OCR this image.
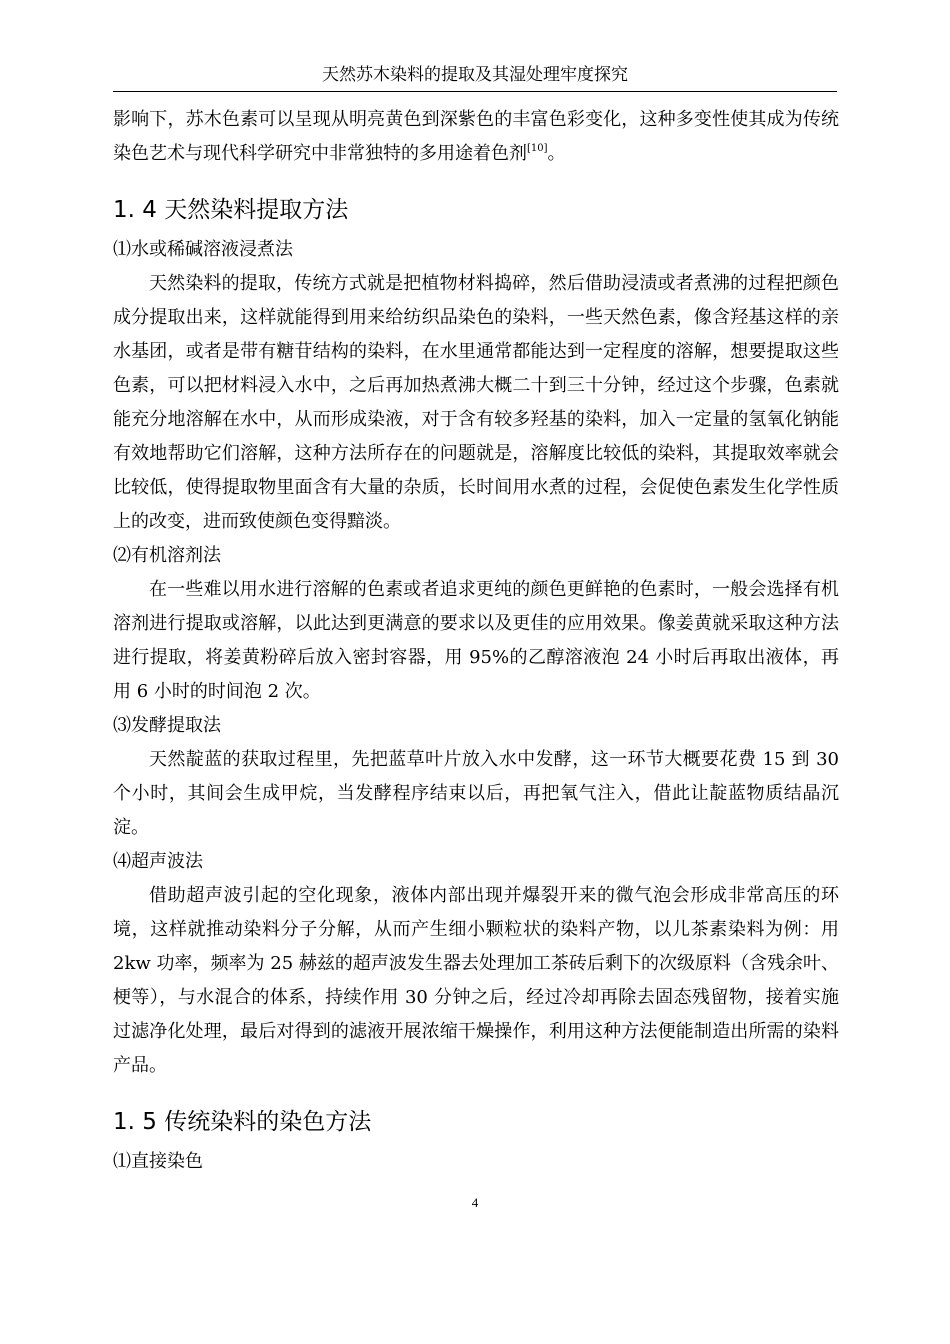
天然苏木染料的提取及其湿处理牢度探究

影响下，苏木色素可以呈现从明亮黄色到深紫色的丰富色彩变化，这种多变性使其成为传统染色艺术与现代科学研究中非常独特的多用途着色剂[10]。

1. 4 天然染料提取方法

⑴水或稀碱溶液浸煮法

天然染料的提取，传统方式就是把植物材料捣碎，然后借助浸渍或者煮沸的过程把颜色成分提取出来，这样就能得到用来给纺织品染色的染料，一些天然色素，像含羟基这样的亲水基团，或者是带有糖苷结构的染料，在水里通常都能达到一定程度的溶解，想要提取这些色素，可以把材料浸入水中，之后再加热煮沸大概二十到三十分钟，经过这个步骤，色素就能充分地溶解在水中，从而形成染液，对于含有较多羟基的染料，加入一定量的氢氧化钠能有效地帮助它们溶解，这种方法所存在的问题就是，溶解度比较低的染料，其提取效率就会比较低，使得提取物里面含有大量的杂质，长时间用水煮的过程，会促使色素发生化学性质上的改变，进而致使颜色变得黯淡。

⑵有机溶剂法

在一些难以用水进行溶解的色素或者追求更纯的颜色更鲜艳的色素时，一般会选择有机溶剂进行提取或溶解，以此达到更满意的要求以及更佳的应用效果。像姜黄就采取这种方法进行提取，将姜黄粉碎后放入密封容器，用 95%的乙醇溶液泡 24 小时后再取出液体，再用 6 小时的时间泡 2 次。

⑶发酵提取法

天然靛蓝的获取过程里，先把蓝草叶片放入水中发酵，这一环节大概要花费 15 到 30 个小时，其间会生成甲烷，当发酵程序结束以后，再把氧气注入，借此让靛蓝物质结晶沉淀。

⑷超声波法

借助超声波引起的空化现象，液体内部出现并爆裂开来的微气泡会形成非常高压的环境，这样就推动染料分子分解，从而产生细小颗粒状的染料产物，以儿茶素染料为例：用 2kw 功率，频率为 25 赫兹的超声波发生器去处理加工茶砖后剩下的次级原料（含残余叶、梗等），与水混合的体系，持续作用 30 分钟之后，经过冷却再除去固态残留物，接着实施过滤净化处理，最后对得到的滤液开展浓缩干燥操作，利用这种方法便能制造出所需的染料产品。

1. 5 传统染料的染色方法

⑴直接染色

4
